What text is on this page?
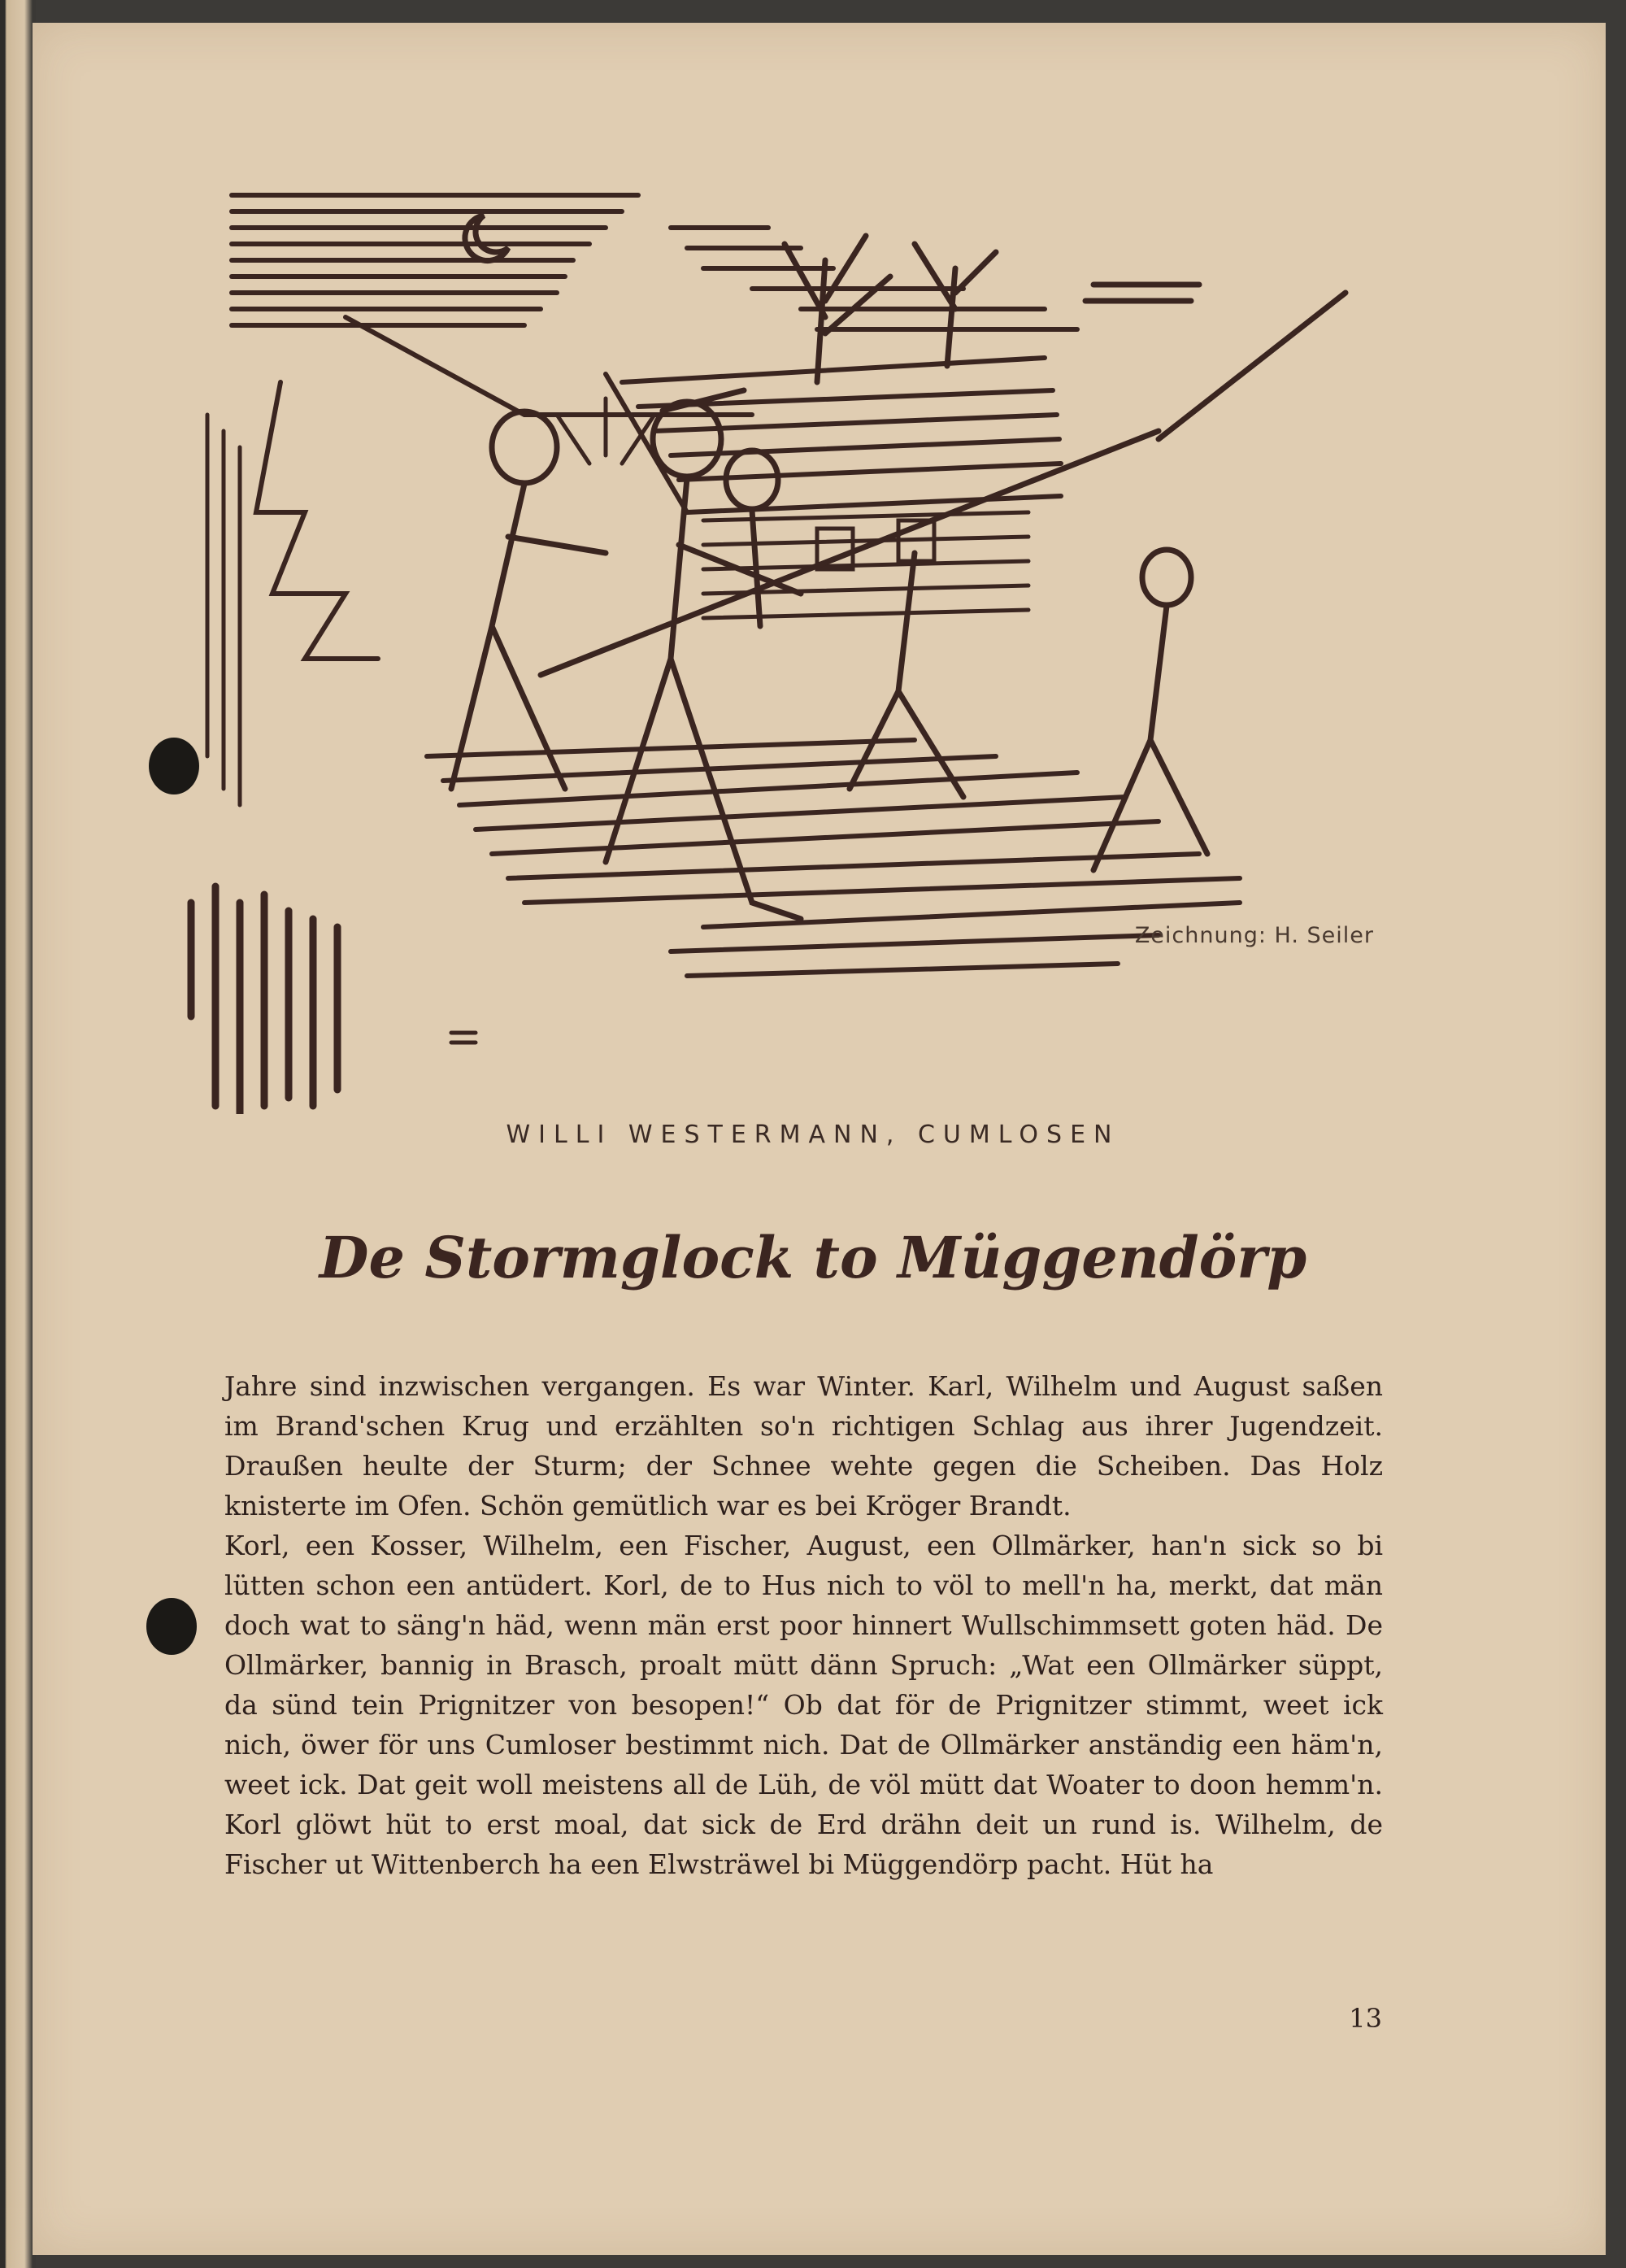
Zeichnung: H. Seiler
WILLI WESTERMANN, CUMLOSEN
De Stormglock to Müggendörp

Jahre sind inzwischen vergangen. Es war Winter. Karl, Wilhelm und August saßen im Brand'schen Krug und erzählten so'n richtigen Schlag aus ihrer Jugendzeit. Draußen heulte der Sturm; der Schnee wehte gegen die Scheiben. Das Holz knisterte im Ofen. Schön gemütlich war es bei Kröger Brandt.

Korl, een Kosser, Wilhelm, een Fischer, August, een Ollmärker, han'n sick so bi lütten schon een antüdert. Korl, de to Hus nich to völ to mell'n ha, merkt, dat män doch wat to säng'n häd, wenn män erst poor hinnert Wullschimmsett goten häd. De Ollmärker, bannig in Brasch, proalt mütt dänn Spruch: „Wat een Ollmärker süppt, da sünd tein Prignitzer von besopen!“ Ob dat för de Prignitzer stimmt, weet ick nich, öwer för uns Cumloser bestimmt nich. Dat de Ollmärker anständig een häm'n, weet ick. Dat geit woll meistens all de Lüh, de völ mütt dat Woater to doon hemm'n. Korl glöwt hüt to erst moal, dat sick de Erd drähn deit un rund is. Wilhelm, de Fischer ut Wittenberch ha een Elwsträwel bi Müggendörp pacht. Hüt ha

13
